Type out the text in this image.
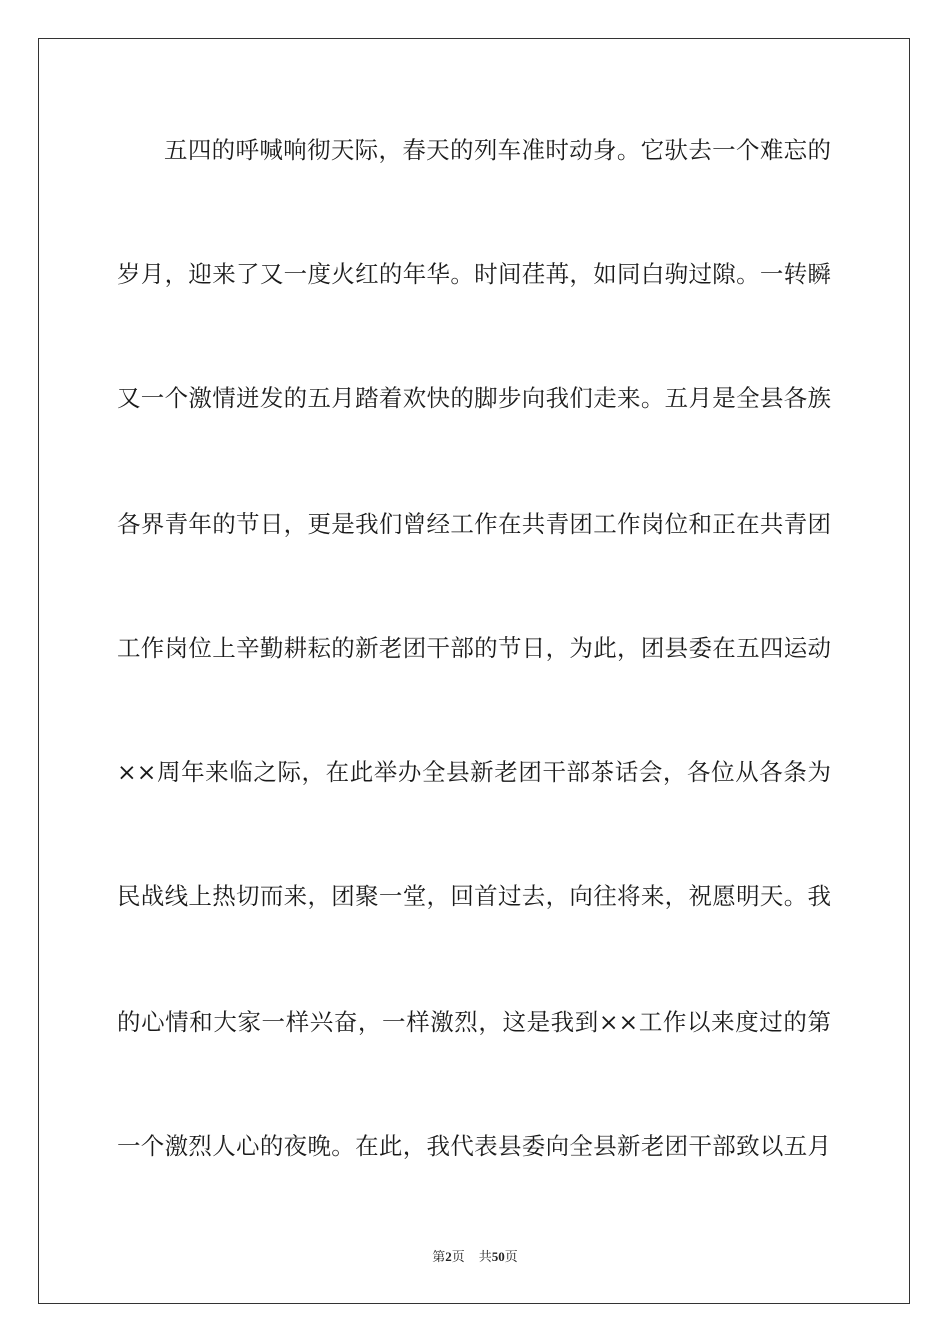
五四的呼喊响彻天际，春天的列车准时动身。它驮去一个难忘的
岁月，迎来了又一度火红的年华。时间荏苒，如同白驹过隙。一转瞬
又一个激情迸发的五月踏着欢快的脚步向我们走来。五月是全县各族
各界青年的节日，更是我们曾经工作在共青团工作岗位和正在共青团
工作岗位上辛勤耕耘的新老团干部的节日，为此，团县委在五四运动
××周年来临之际，在此举办全县新老团干部茶话会，各位从各条为
民战线上热切而来，团聚一堂，回首过去，向往将来，祝愿明天。我
的心情和大家一样兴奋，一样激烈，这是我到××工作以来度过的第
一个激烈人心的夜晚。在此，我代表县委向全县新老团干部致以五月
第2页 共50页
